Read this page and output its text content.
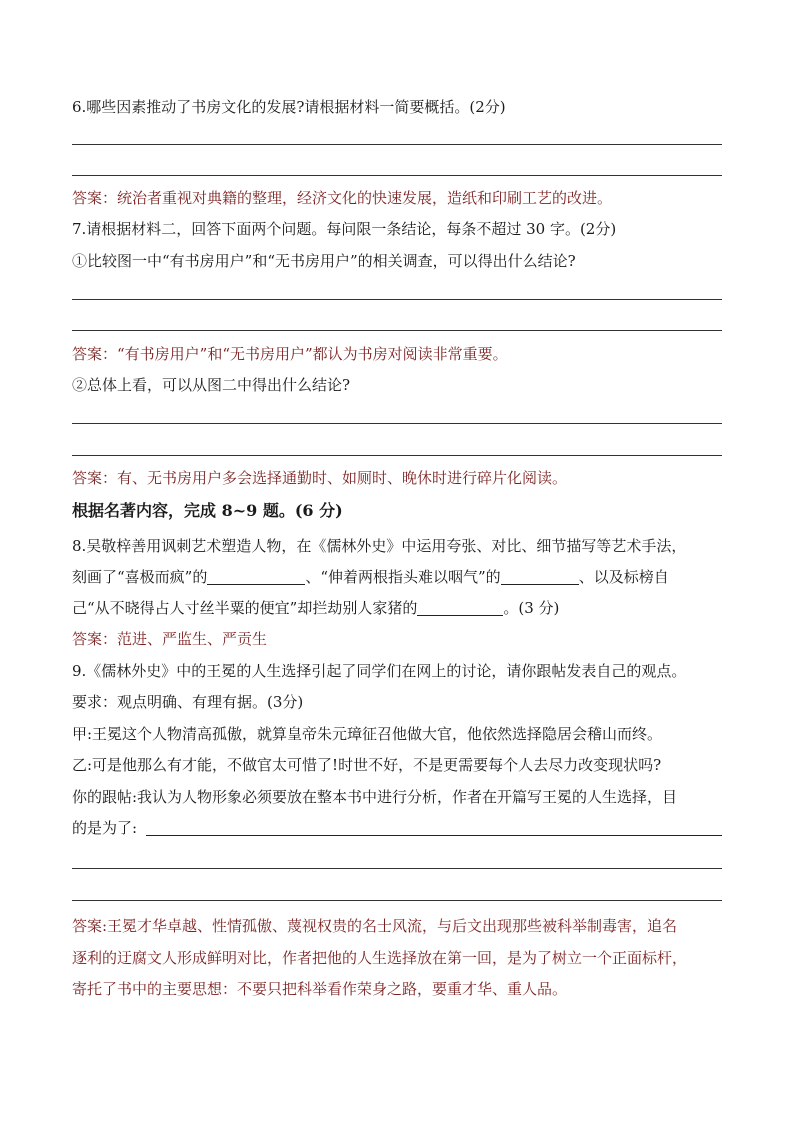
6.哪些因素推动了书房文化的发展?请根据材料一简要概括。(2分)
答案：统治者重视对典籍的整理，经济文化的快速发展，造纸和印刷工艺的改进。
7.请根据材料二，回答下面两个问题。每问限一条结论，每条不超过 30 字。(2分)
①比较图一中“有书房用户”和“无书房用户”的相关调查，可以得出什么结论?
答案：“有书房用户”和“无书房用户”都认为书房对阅读非常重要。
②总体上看，可以从图二中得出什么结论?
答案：有、无书房用户多会选择通勤时、如厕时、晚休时进行碎片化阅读。
根据名著内容，完成 8~9 题。(6 分)
8.吴敬梓善用讽刺艺术塑造人物，在《儒林外史》中运用夸张、对比、细节描写等艺术手法，
刻画了“喜极而疯”的	、“伸着两根指头难以咽气”的	、以及标榜自
己“从不晓得占人寸丝半粟的便宜”却拦劫别人家猪的	。(3 分)
答案：范进、严监生、严贡生
9.《儒林外史》中的王冕的人生选择引起了同学们在网上的讨论，请你跟帖发表自己的观点。
要求：观点明确、有理有据。(3分)
甲:王冕这个人物清高孤傲，就算皇帝朱元璋征召他做大官，他依然选择隐居会稽山而终。
乙:可是他那么有才能，不做官太可惜了!时世不好，不是更需要每个人去尽力改变现状吗?
你的跟帖:我认为人物形象必须要放在整本书中进行分析，作者在开篇写王冕的人生选择，目
的是为了:
答案:王冕才华卓越、性情孤傲、蔑视权贵的名士风流，与后文出现那些被科举制毒害，追名
逐利的迂腐文人形成鲜明对比，作者把他的人生选择放在第一回，是为了树立一个正面标杆，
寄托了书中的主要思想：不要只把科举看作荣身之路，要重才华、重人品。
